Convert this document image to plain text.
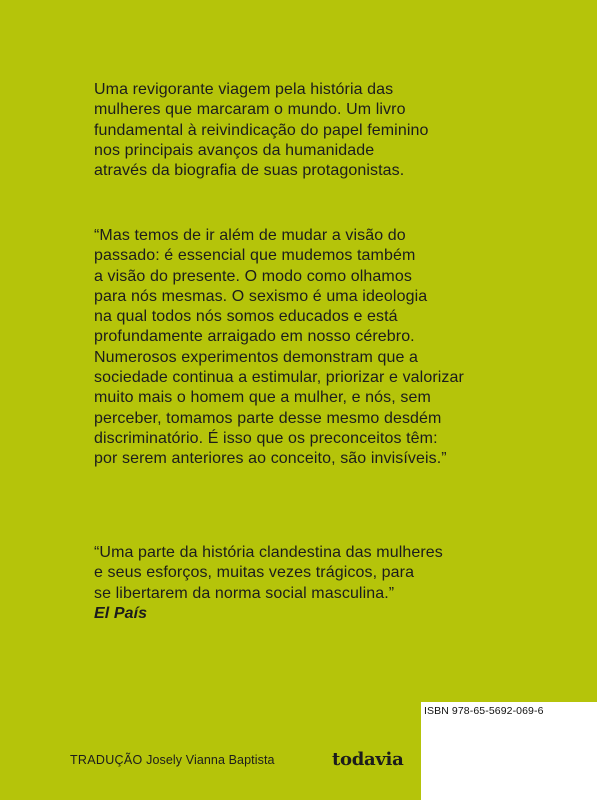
Uma revigorante viagem pela história das
mulheres que marcaram o mundo. Um livro
fundamental à reivindicação do papel feminino
nos principais avanços da humanidade
através da biografia de suas protagonistas.

“Mas temos de ir além de mudar a visão do
passado: é essencial que mudemos também
a visão do presente. O modo como olhamos
para nós mesmas. O sexismo é uma ideologia
na qual todos nós somos educados e está
profundamente arraigado em nosso cérebro.
Numerosos experimentos demonstram que a
sociedade continua a estimular, priorizar e valorizar
muito mais o homem que a mulher, e nós, sem
perceber, tomamos parte desse mesmo desdém
discriminatório. É isso que os preconceitos têm:
por serem anteriores ao conceito, são invisíveis.”

“Uma parte da história clandestina das mulheres
e seus esforços, muitas vezes trágicos, para
se libertarem da norma social masculina.”

El País

TRADUÇÃO Josely Vianna Baptista	todavia
ISBN 978-65-5692-069-6
